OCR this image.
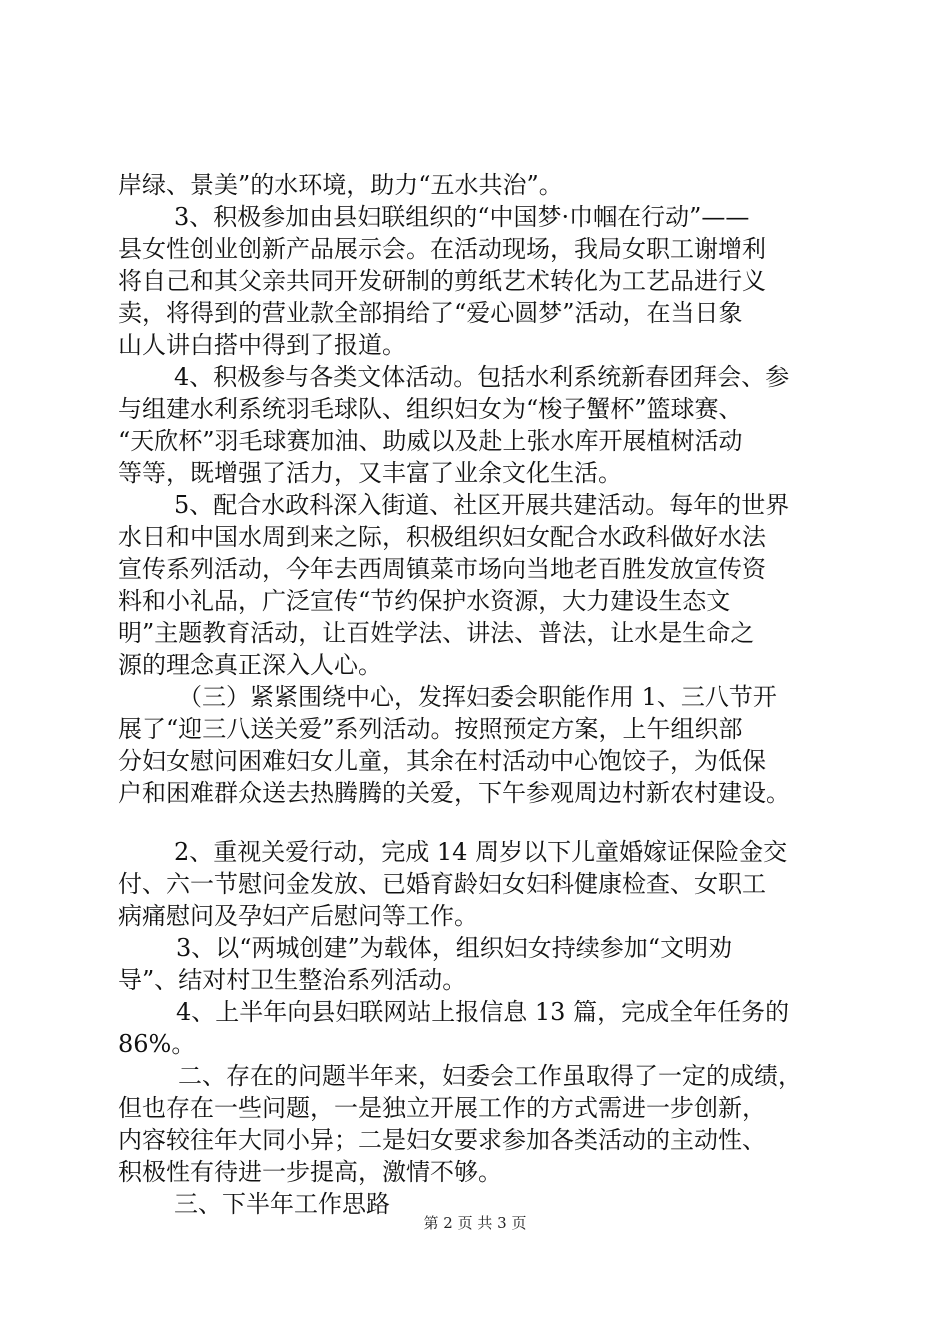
岸绿、景美”的水环境，助力“五水共治”。
3、积极参加由县妇联组织的“中国梦·巾帼在行动”——
县女性创业创新产品展示会。在活动现场，我局女职工谢增利
将自己和其父亲共同开发研制的剪纸艺术转化为工艺品进行义
卖，将得到的营业款全部捐给了“爱心圆梦”活动，在当日象
山人讲白搭中得到了报道。
4、积极参与各类文体活动。包括水利系统新春团拜会、参
与组建水利系统羽毛球队、组织妇女为“梭子蟹杯”篮球赛、
“天欣杯”羽毛球赛加油、助威以及赴上张水库开展植树活动
等等，既增强了活力，又丰富了业余文化生活。
5、配合水政科深入街道、社区开展共建活动。每年的世界
水日和中国水周到来之际，积极组织妇女配合水政科做好水法
宣传系列活动，今年去西周镇菜市场向当地老百胜发放宣传资
料和小礼品，广泛宣传“节约保护水资源，大力建设生态文
明”主题教育活动，让百姓学法、讲法、普法，让水是生命之
源的理念真正深入人心。
（三）紧紧围绕中心，发挥妇委会职能作用 1、三八节开
展了“迎三八送关爱”系列活动。按照预定方案，上午组织部
分妇女慰问困难妇女儿童，其余在村活动中心饱饺子，为低保
户和困难群众送去热腾腾的关爱，下午参观周边村新农村建设。
2、重视关爱行动，完成 14 周岁以下儿童婚嫁证保险金交
付、六一节慰问金发放、已婚育龄妇女妇科健康检查、女职工
病痛慰问及孕妇产后慰问等工作。
3、以“两城创建”为载体，组织妇女持续参加“文明劝
导”、结对村卫生整治系列活动。
4、上半年向县妇联网站上报信息 13 篇，完成全年任务的
86%。
二、存在的问题半年来，妇委会工作虽取得了一定的成绩，
但也存在一些问题，一是独立开展工作的方式需进一步创新，
内容较往年大同小异；二是妇女要求参加各类活动的主动性、
积极性有待进一步提高，激情不够。
三、下半年工作思路
第 2 页 共 3 页
